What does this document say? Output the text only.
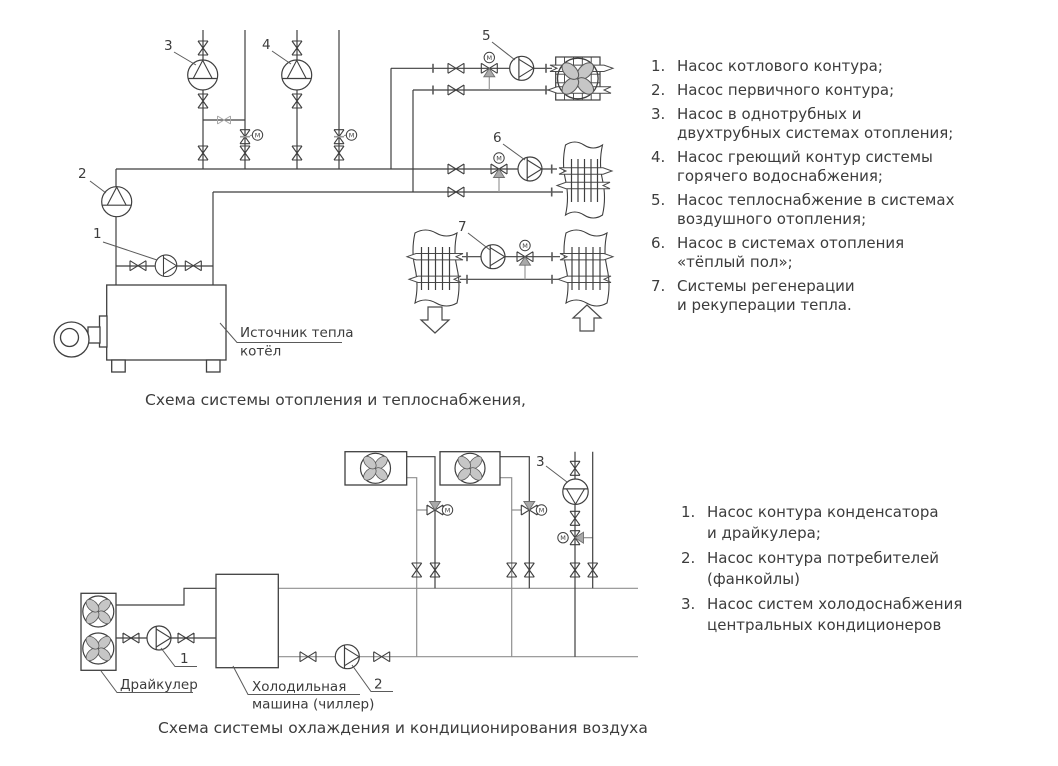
M	M
M
M
M
1
2
3	4
5
6
7
Источник тепла
котёл
M	M
M
1
2
3
Драйкулер	Холодильная
машина (чиллер)
1. Насос котлового контура;
2. Насос первичного контура;
3. Насос в однотрубных и
двухтрубных системах отопления;
4. Насос греющий контур системы
горячего водоснабжения;
5. Насос теплоснабжение в системах
воздушного отопления;
6. Насос в системах отопления
«тёплый пол»;
7. Системы регенерации
и рекуперации тепла.
1. Насос контура конденсатора
и драйкулера;
2. Насос контура потребителей
(фанкойлы)
3. Насос систем холодоснабжения
центральных кондиционеров
Схема системы отопления и теплоснабжения,
Схема системы охлаждения и кондиционирования воздуха
